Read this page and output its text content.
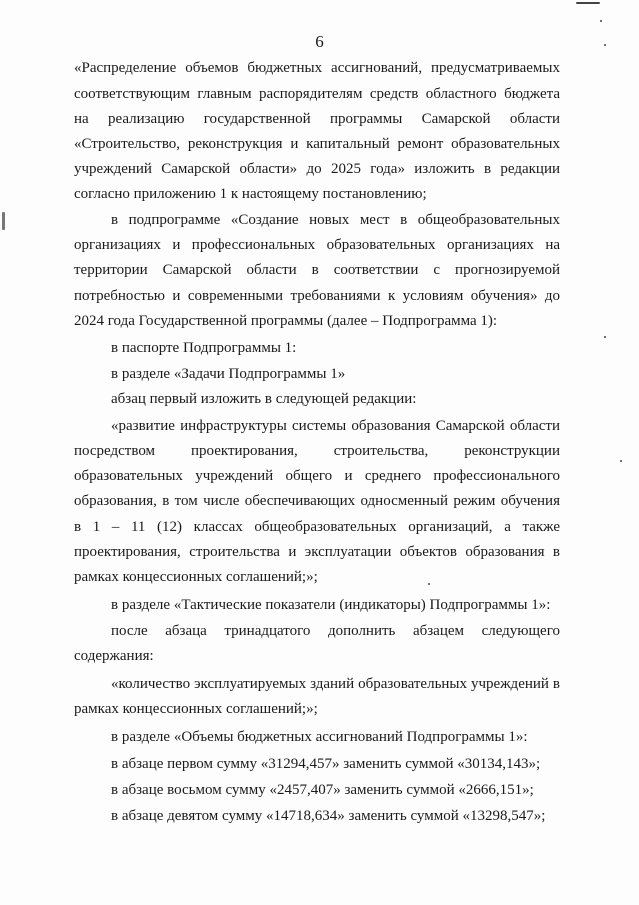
6
«Распределение объемов бюджетных ассигнований, предусматриваемых
соответствующим главным распорядителям средств областного бюджета
на реализацию государственной программы Самарской области
«Строительство, реконструкция и капитальный ремонт образовательных
учреждений Самарской области» до 2025 года» изложить в редакции
согласно приложению 1 к настоящему постановлению;
в подпрограмме «Создание новых мест в общеобразовательных
организациях и профессиональных образовательных организациях на
территории Самарской области в соответствии с прогнозируемой
потребностью и современными требованиями к условиям обучения» до
2024 года Государственной программы (далее – Подпрограмма 1):
в паспорте Подпрограммы 1:
в разделе «Задачи Подпрограммы 1»
абзац первый изложить в следующей редакции:
«развитие инфраструктуры системы образования Самарской области
посредством проектирования, строительства, реконструкции
образовательных учреждений общего и среднего профессионального
образования, в том числе обеспечивающих односменный режим обучения
в 1 – 11 (12) классах общеобразовательных организаций, а также
проектирования, строительства и эксплуатации объектов образования в
рамках концессионных соглашений;»;
в разделе «Тактические показатели (индикаторы) Подпрограммы 1»:
после абзаца тринадцатого дополнить абзацем следующего
содержания:
«количество эксплуатируемых зданий образовательных учреждений в
рамках концессионных соглашений;»;
в разделе «Объемы бюджетных ассигнований Подпрограммы 1»:
в абзаце первом сумму «31294,457» заменить суммой «30134,143»;
в абзаце восьмом сумму «2457,407» заменить суммой «2666,151»;
в абзаце девятом сумму «14718,634» заменить суммой «13298,547»;
